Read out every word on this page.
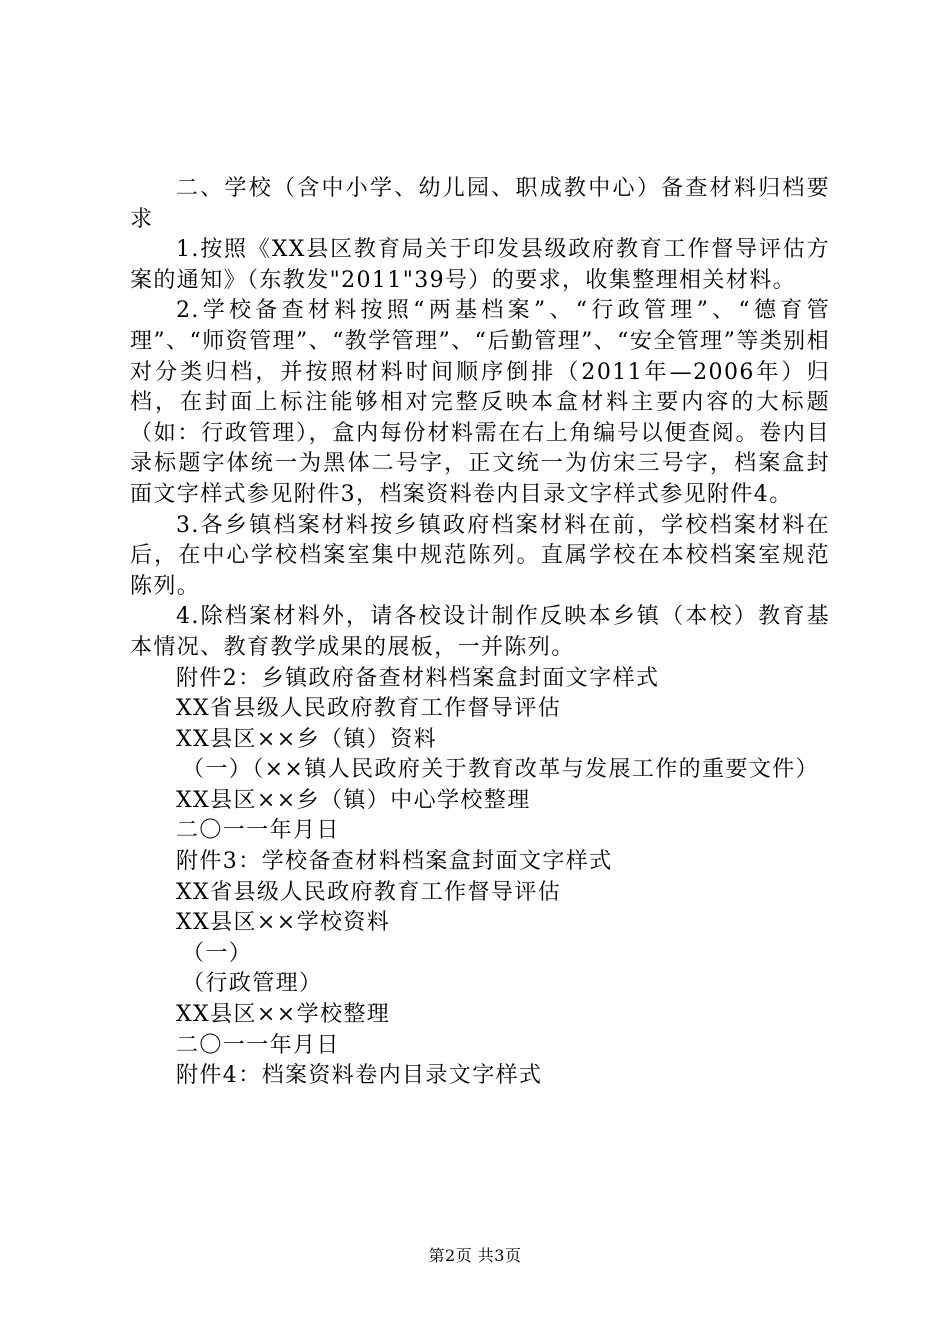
二、学校（含中小学、幼儿园、职成教中心）备查材料归档要求

1.按照《XX县区教育局关于印发县级政府教育工作督导评估方案的通知》（东教发"2011"39号）的要求，收集整理相关材料。

2.学校备查材料按照“两基档案”、“行政管理”、“德育管理”、“师资管理”、“教学管理”、“后勤管理”、“安全管理”等类别相对分类归档，并按照材料时间顺序倒排（2011年—2006年）归档，在封面上标注能够相对完整反映本盒材料主要内容的大标题（如：行政管理），盒内每份材料需在右上角编号以便查阅。卷内目录标题字体统一为黑体二号字，正文统一为仿宋三号字，档案盒封面文字样式参见附件3，档案资料卷内目录文字样式参见附件4。

3.各乡镇档案材料按乡镇政府档案材料在前，学校档案材料在后，在中心学校档案室集中规范陈列。直属学校在本校档案室规范陈列。

4.除档案材料外，请各校设计制作反映本乡镇（本校）教育基本情况、教育教学成果的展板，一并陈列。

附件2：乡镇政府备查材料档案盒封面文字样式

XX省县级人民政府教育工作督导评估

XX县区××乡（镇）资料

（一）（××镇人民政府关于教育改革与发展工作的重要文件）

XX县区××乡（镇）中心学校整理

二〇一一年月日

附件3：学校备查材料档案盒封面文字样式

XX省县级人民政府教育工作督导评估

XX县区××学校资料

（一）

（行政管理）

XX县区××学校整理

二〇一一年月日

附件4：档案资料卷内目录文字样式

第2页 共3页
